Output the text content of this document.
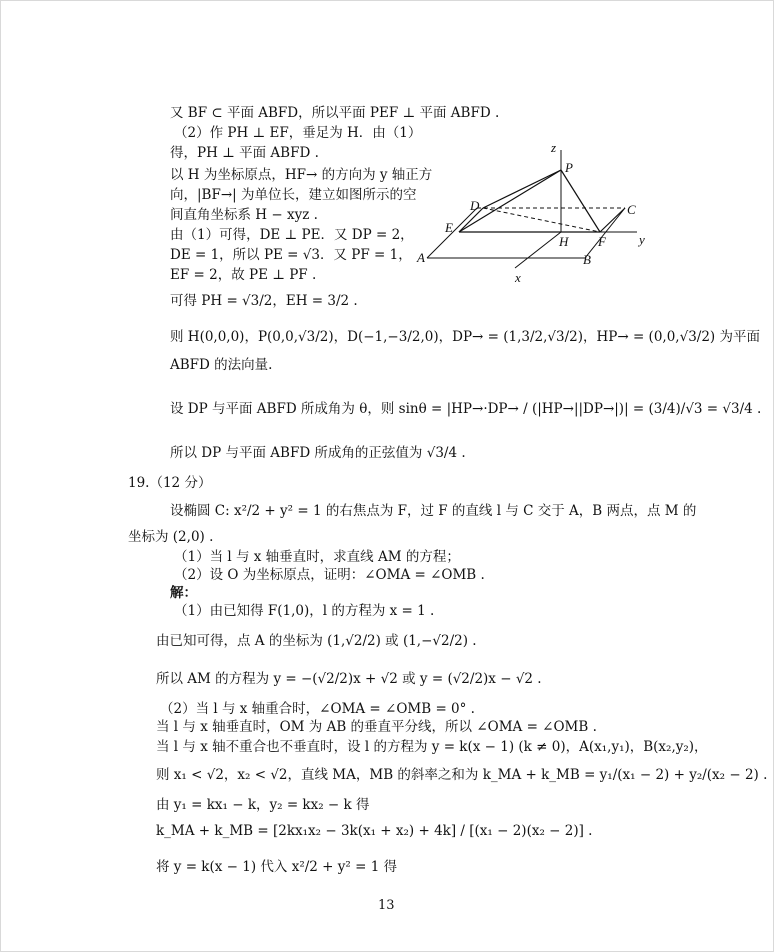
又 BF ⊂ 平面 ABFD，所以平面 PEF ⊥ 平面 ABFD .
（2）作 PH ⊥ EF，垂足为 H．由（1）
得，PH ⊥ 平面 ABFD .
以 H 为坐标原点，HF→ 的方向为 y 轴正方
向，|BF→| 为单位长，建立如图所示的空
间直角坐标系 H − xyz .
由（1）可得，DE ⊥ PE．又 DP = 2，
DE = 1，所以 PE = √3．又 PF = 1，
EF = 2，故 PE ⊥ PF .
可得 PH = √3/2，EH = 3/2 .
则 H(0,0,0)，P(0,0,√3/2)，D(−1,−3/2,0)，DP→ = (1,3/2,√3/2)，HP→ = (0,0,√3/2) 为平面
ABFD 的法向量.
设 DP 与平面 ABFD 所成角为 θ，则 sinθ = |HP→·DP→ / (|HP→||DP→|)| = (3/4)/√3 = √3/4 .
所以 DP 与平面 ABFD 所成角的正弦值为 √3/4 .
19.（12 分）
设椭圆 C: x²/2 + y² = 1 的右焦点为 F，过 F 的直线 l 与 C 交于 A，B 两点，点 M 的
坐标为 (2,0) .
（1）当 l 与 x 轴垂直时，求直线 AM 的方程；
（2）设 O 为坐标原点，证明：∠OMA = ∠OMB .
解：
（1）由已知得 F(1,0)，l 的方程为 x = 1 .
由已知可得，点 A 的坐标为 (1,√2/2) 或 (1,−√2/2) .
所以 AM 的方程为 y = −(√2/2)x + √2 或 y = (√2/2)x − √2 .
（2）当 l 与 x 轴重合时，∠OMA = ∠OMB = 0° .
当 l 与 x 轴垂直时，OM 为 AB 的垂直平分线，所以 ∠OMA = ∠OMB .
当 l 与 x 轴不重合也不垂直时，设 l 的方程为 y = k(x − 1) (k ≠ 0)，A(x₁,y₁)，B(x₂,y₂)，
则 x₁ < √2，x₂ < √2，直线 MA，MB 的斜率之和为 k_MA + k_MB = y₁/(x₁ − 2) + y₂/(x₂ − 2) .
由 y₁ = kx₁ − k，y₂ = kx₂ − k 得
k_MA + k_MB = [2kx₁x₂ − 3k(x₁ + x₂) + 4k] / [(x₁ − 2)(x₂ − 2)] .
将 y = k(x − 1) 代入 x²/2 + y² = 1 得
z
P
D	C
E
H F	y
A	B
x
13
